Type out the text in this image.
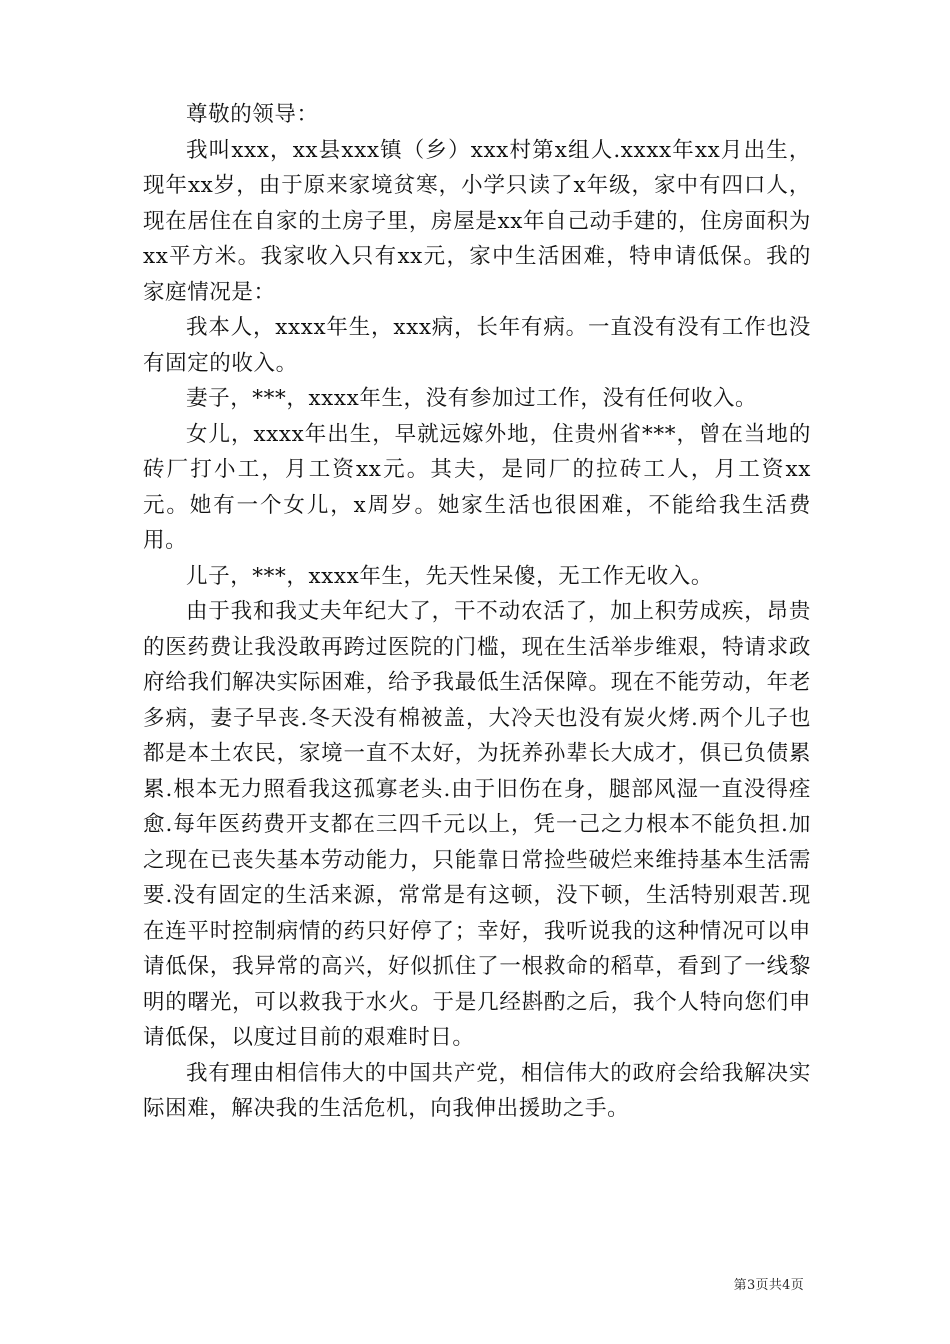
尊敬的领导：

我叫xxx，xx县xxx镇（乡）xxx村第x组人.xxxx年xx月出生，现年xx岁，由于原来家境贫寒，小学只读了x年级，家中有四口人，现在居住在自家的土房子里，房屋是xx年自己动手建的，住房面积为xx平方米。我家收入只有xx元，家中生活困难，特申请低保。我的家庭情况是：

我本人，xxxx年生，xxx病，长年有病。一直没有没有工作也没有固定的收入。

妻子，***，xxxx年生，没有参加过工作，没有任何收入。

女儿，xxxx年出生，早就远嫁外地，住贵州省***，曾在当地的砖厂打小工，月工资xx元。其夫，是同厂的拉砖工人，月工资xx元。她有一个女儿，x周岁。她家生活也很困难，不能给我生活费用。

儿子，***，xxxx年生，先天性呆傻，无工作无收入。

由于我和我丈夫年纪大了，干不动农活了，加上积劳成疾，昂贵的医药费让我没敢再跨过医院的门槛，现在生活举步维艰，特请求政府给我们解决实际困难，给予我最低生活保障。现在不能劳动，年老多病，妻子早丧.冬天没有棉被盖，大冷天也没有炭火烤.两个儿子也都是本土农民，家境一直不太好，为抚养孙辈长大成才，俱已负债累累.根本无力照看我这孤寡老头.由于旧伤在身，腿部风湿一直没得痊愈.每年医药费开支都在三四千元以上，凭一己之力根本不能负担.加之现在已丧失基本劳动能力，只能靠日常捡些破烂来维持基本生活需要.没有固定的生活来源，常常是有这顿，没下顿，生活特别艰苦.现在连平时控制病情的药只好停了；幸好，我听说我的这种情况可以申请低保，我异常的高兴，好似抓住了一根救命的稻草，看到了一线黎明的曙光，可以救我于水火。于是几经斟酌之后，我个人特向您们申请低保，以度过目前的艰难时日。

我有理由相信伟大的中国共产党，相信伟大的政府会给我解决实际困难，解决我的生活危机，向我伸出援助之手。

第3页共4页
